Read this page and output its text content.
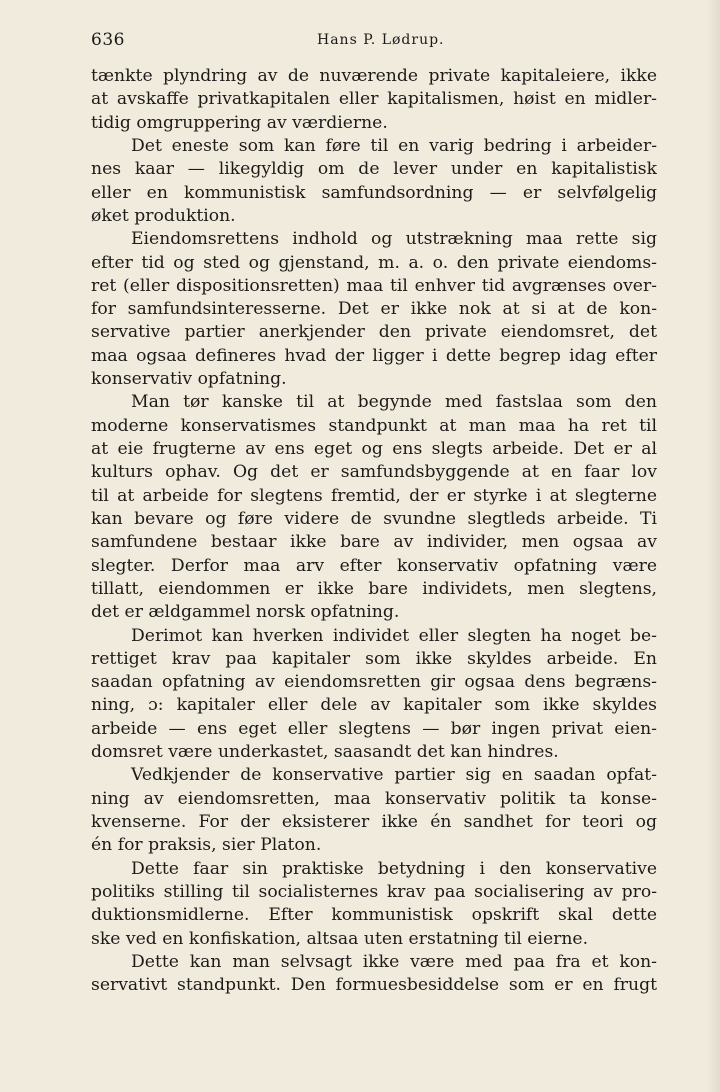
636	Hans P. Lødrup.
tænkte plyndring av de nuværende private kapitaleiere, ikke
at avskaffe privatkapitalen eller kapitalismen, høist en midler-
tidig omgruppering av værdierne.
Det eneste som kan føre til en varig bedring i arbeider-
nes kaar — likegyldig om de lever under en kapitalistisk
eller en kommunistisk samfundsordning — er selvfølgelig
øket produktion.
Eiendomsrettens indhold og utstrækning maa rette sig
efter tid og sted og gjenstand, m. a. o. den private eiendoms-
ret (eller dispositionsretten) maa til enhver tid avgrænses over-
for samfundsinteresserne. Det er ikke nok at si at de kon-
servative partier anerkjender den private eiendomsret, det
maa ogsaa defineres hvad der ligger i dette begrep idag efter
konservativ opfatning.
Man tør kanske til at begynde med fastslaa som den
moderne konservatismes standpunkt at man maa ha ret til
at eie frugterne av ens eget og ens slegts arbeide. Det er al
kulturs ophav. Og det er samfundsbyggende at en faar lov
til at arbeide for slegtens fremtid, der er styrke i at slegterne
kan bevare og føre videre de svundne slegtleds arbeide. Ti
samfundene bestaar ikke bare av individer, men ogsaa av
slegter. Derfor maa arv efter konservativ opfatning være
tillatt, eiendommen er ikke bare individets, men slegtens,
det er ældgammel norsk opfatning.
Derimot kan hverken individet eller slegten ha noget be-
rettiget krav paa kapitaler som ikke skyldes arbeide. En
saadan opfatning av eiendomsretten gir ogsaa dens begræns-
ning, ɔ: kapitaler eller dele av kapitaler som ikke skyldes
arbeide — ens eget eller slegtens — bør ingen privat eien-
domsret være underkastet, saasandt det kan hindres.
Vedkjender de konservative partier sig en saadan opfat-
ning av eiendomsretten, maa konservativ politik ta konse-
kvenserne. For der eksisterer ikke én sandhet for teori og
én for praksis, sier Platon.
Dette faar sin praktiske betydning i den konservative
politiks stilling til socialisternes krav paa socialisering av pro-
duktionsmidlerne. Efter kommunistisk opskrift skal dette
ske ved en konfiskation, altsaa uten erstatning til eierne.
Dette kan man selvsagt ikke være med paa fra et kon-
servativt standpunkt. Den formuesbesiddelse som er en frugt
